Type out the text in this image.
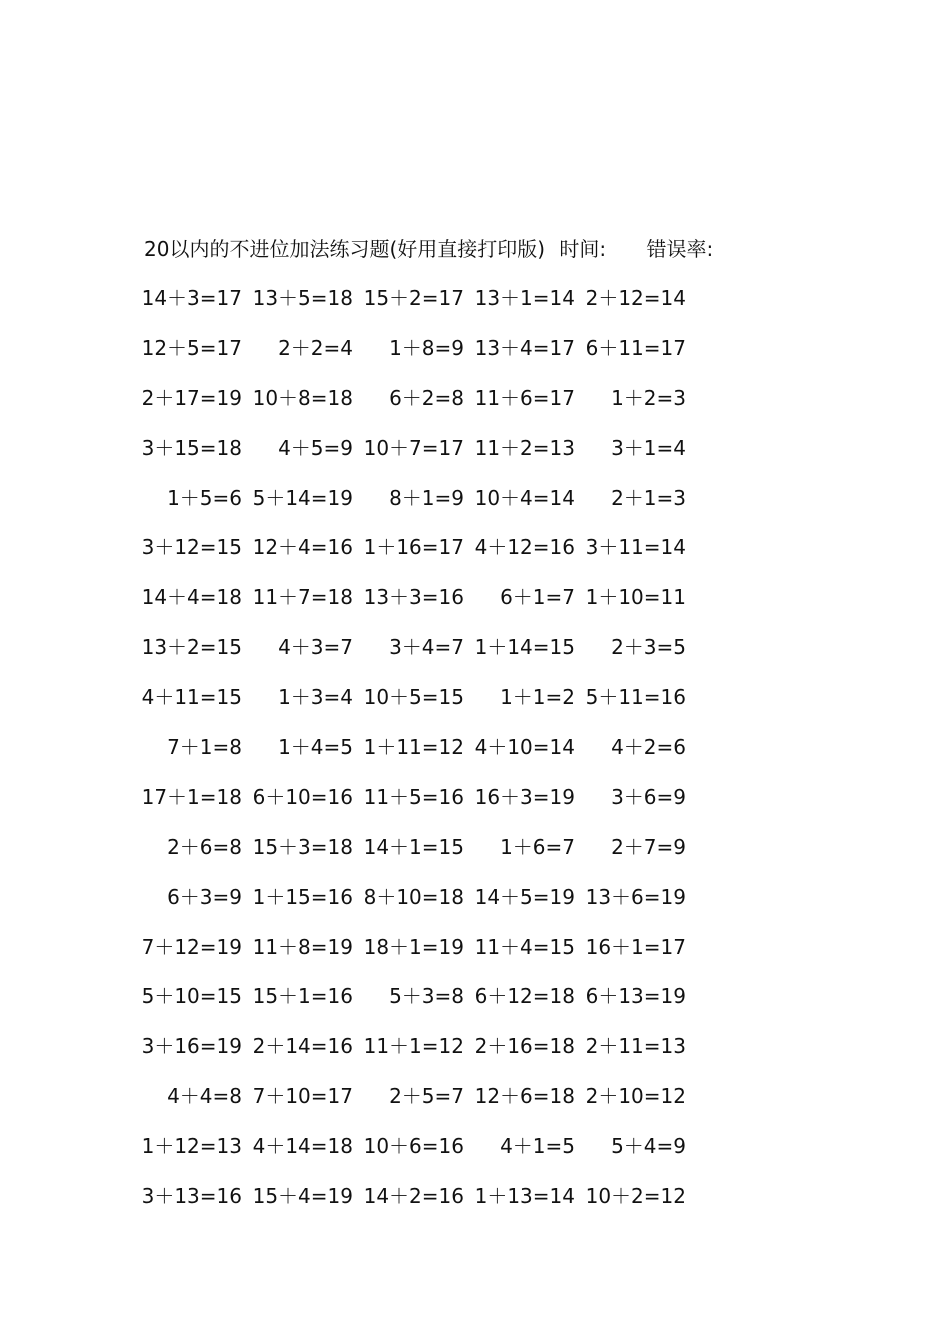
20以内的不进位加法练习题(好用直接打印版) 时间: 错误率:
14＋3=17 13＋5=18 15＋2=17 13＋1=14 2＋12=14
12＋5=17	2＋2=4	1＋8=9 13＋4=17 6＋11=17
2＋17=19 10＋8=18	6＋2=8 11＋6=17	1＋2=3
3＋15=18	4＋5=9 10＋7=17 11＋2=13	3＋1=4
1＋5=6 5＋14=19	8＋1=9 10＋4=14	2＋1=3
3＋12=15 12＋4=16 1＋16=17 4＋12=16 3＋11=14
14＋4=18 11＋7=18 13＋3=16	6＋1=7 1＋10=11
13＋2=15	4＋3=7	3＋4=7 1＋14=15	2＋3=5
4＋11=15	1＋3=4 10＋5=15	1＋1=2 5＋11=16
7＋1=8	1＋4=5 1＋11=12 4＋10=14	4＋2=6
17＋1=18 6＋10=16 11＋5=16 16＋3=19	3＋6=9
2＋6=8 15＋3=18 14＋1=15	1＋6=7	2＋7=9
6＋3=9 1＋15=16 8＋10=18 14＋5=19 13＋6=19
7＋12=19 11＋8=19 18＋1=19 11＋4=15 16＋1=17
5＋10=15 15＋1=16	5＋3=8 6＋12=18 6＋13=19
3＋16=19 2＋14=16 11＋1=12 2＋16=18 2＋11=13
4＋4=8 7＋10=17	2＋5=7 12＋6=18 2＋10=12
1＋12=13 4＋14=18 10＋6=16	4＋1=5	5＋4=9
3＋13=16 15＋4=19 14＋2=16 1＋13=14 10＋2=12
